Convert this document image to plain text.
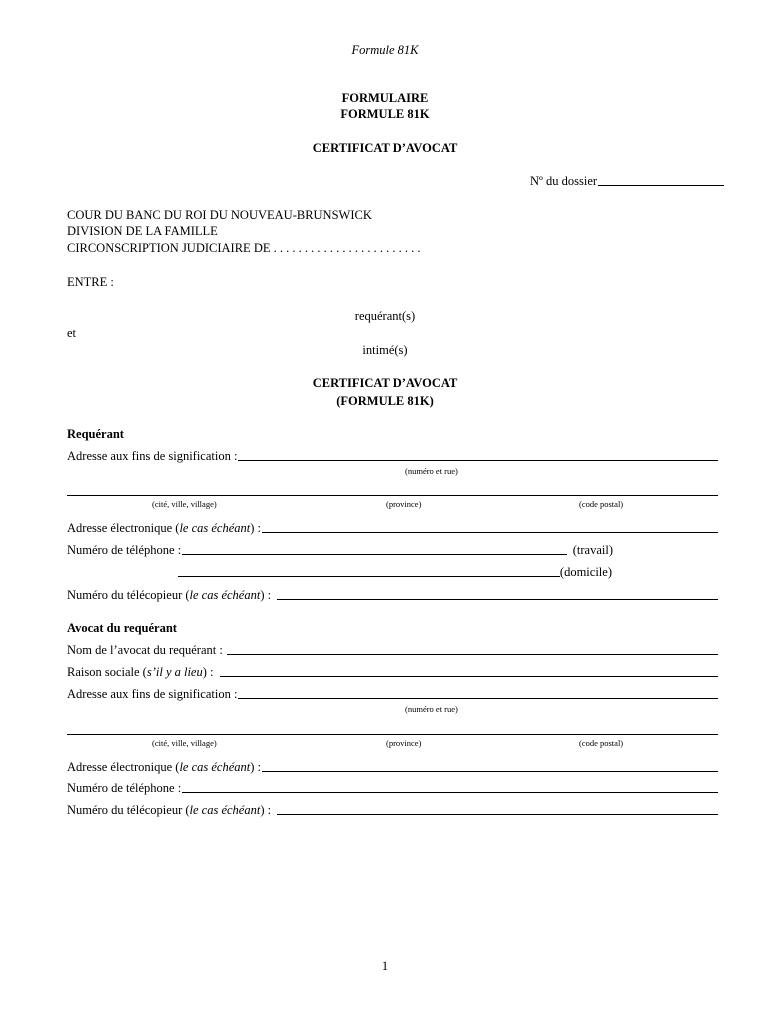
Formule 81K
FORMULAIRE
FORMULE 81K
CERTIFICAT D’AVOCAT
Nº du dossier
COUR DU BANC DU ROI DU NOUVEAU-BRUNSWICK
DIVISION DE LA FAMILLE
CIRCONSCRIPTION JUDICIAIRE DE . . . . . . . . . . . . . . . . . . . . . . . .
ENTRE :
requérant(s)
et
intimé(s)
CERTIFICAT D’AVOCAT
(FORMULE 81K)
Requérant
Adresse aux fins de signification :
(numéro et rue)
(cité, ville, village)	(province)	(code postal)
Adresse électronique ( le cas échéant ) :
Numéro de téléphone :	(travail)
(domicile)
Numéro du télécopieur ( le cas échéant ) :
Avocat du requérant
Nom de l’avocat du requérant :
Raison sociale ( s’il y a lieu ) :
Adresse aux fins de signification :
(numéro et rue)
(cité, ville, village)	(province)	(code postal)
Adresse électronique ( le cas échéant ) :
Numéro de téléphone :
Numéro du télécopieur ( le cas échéant ) :
1
